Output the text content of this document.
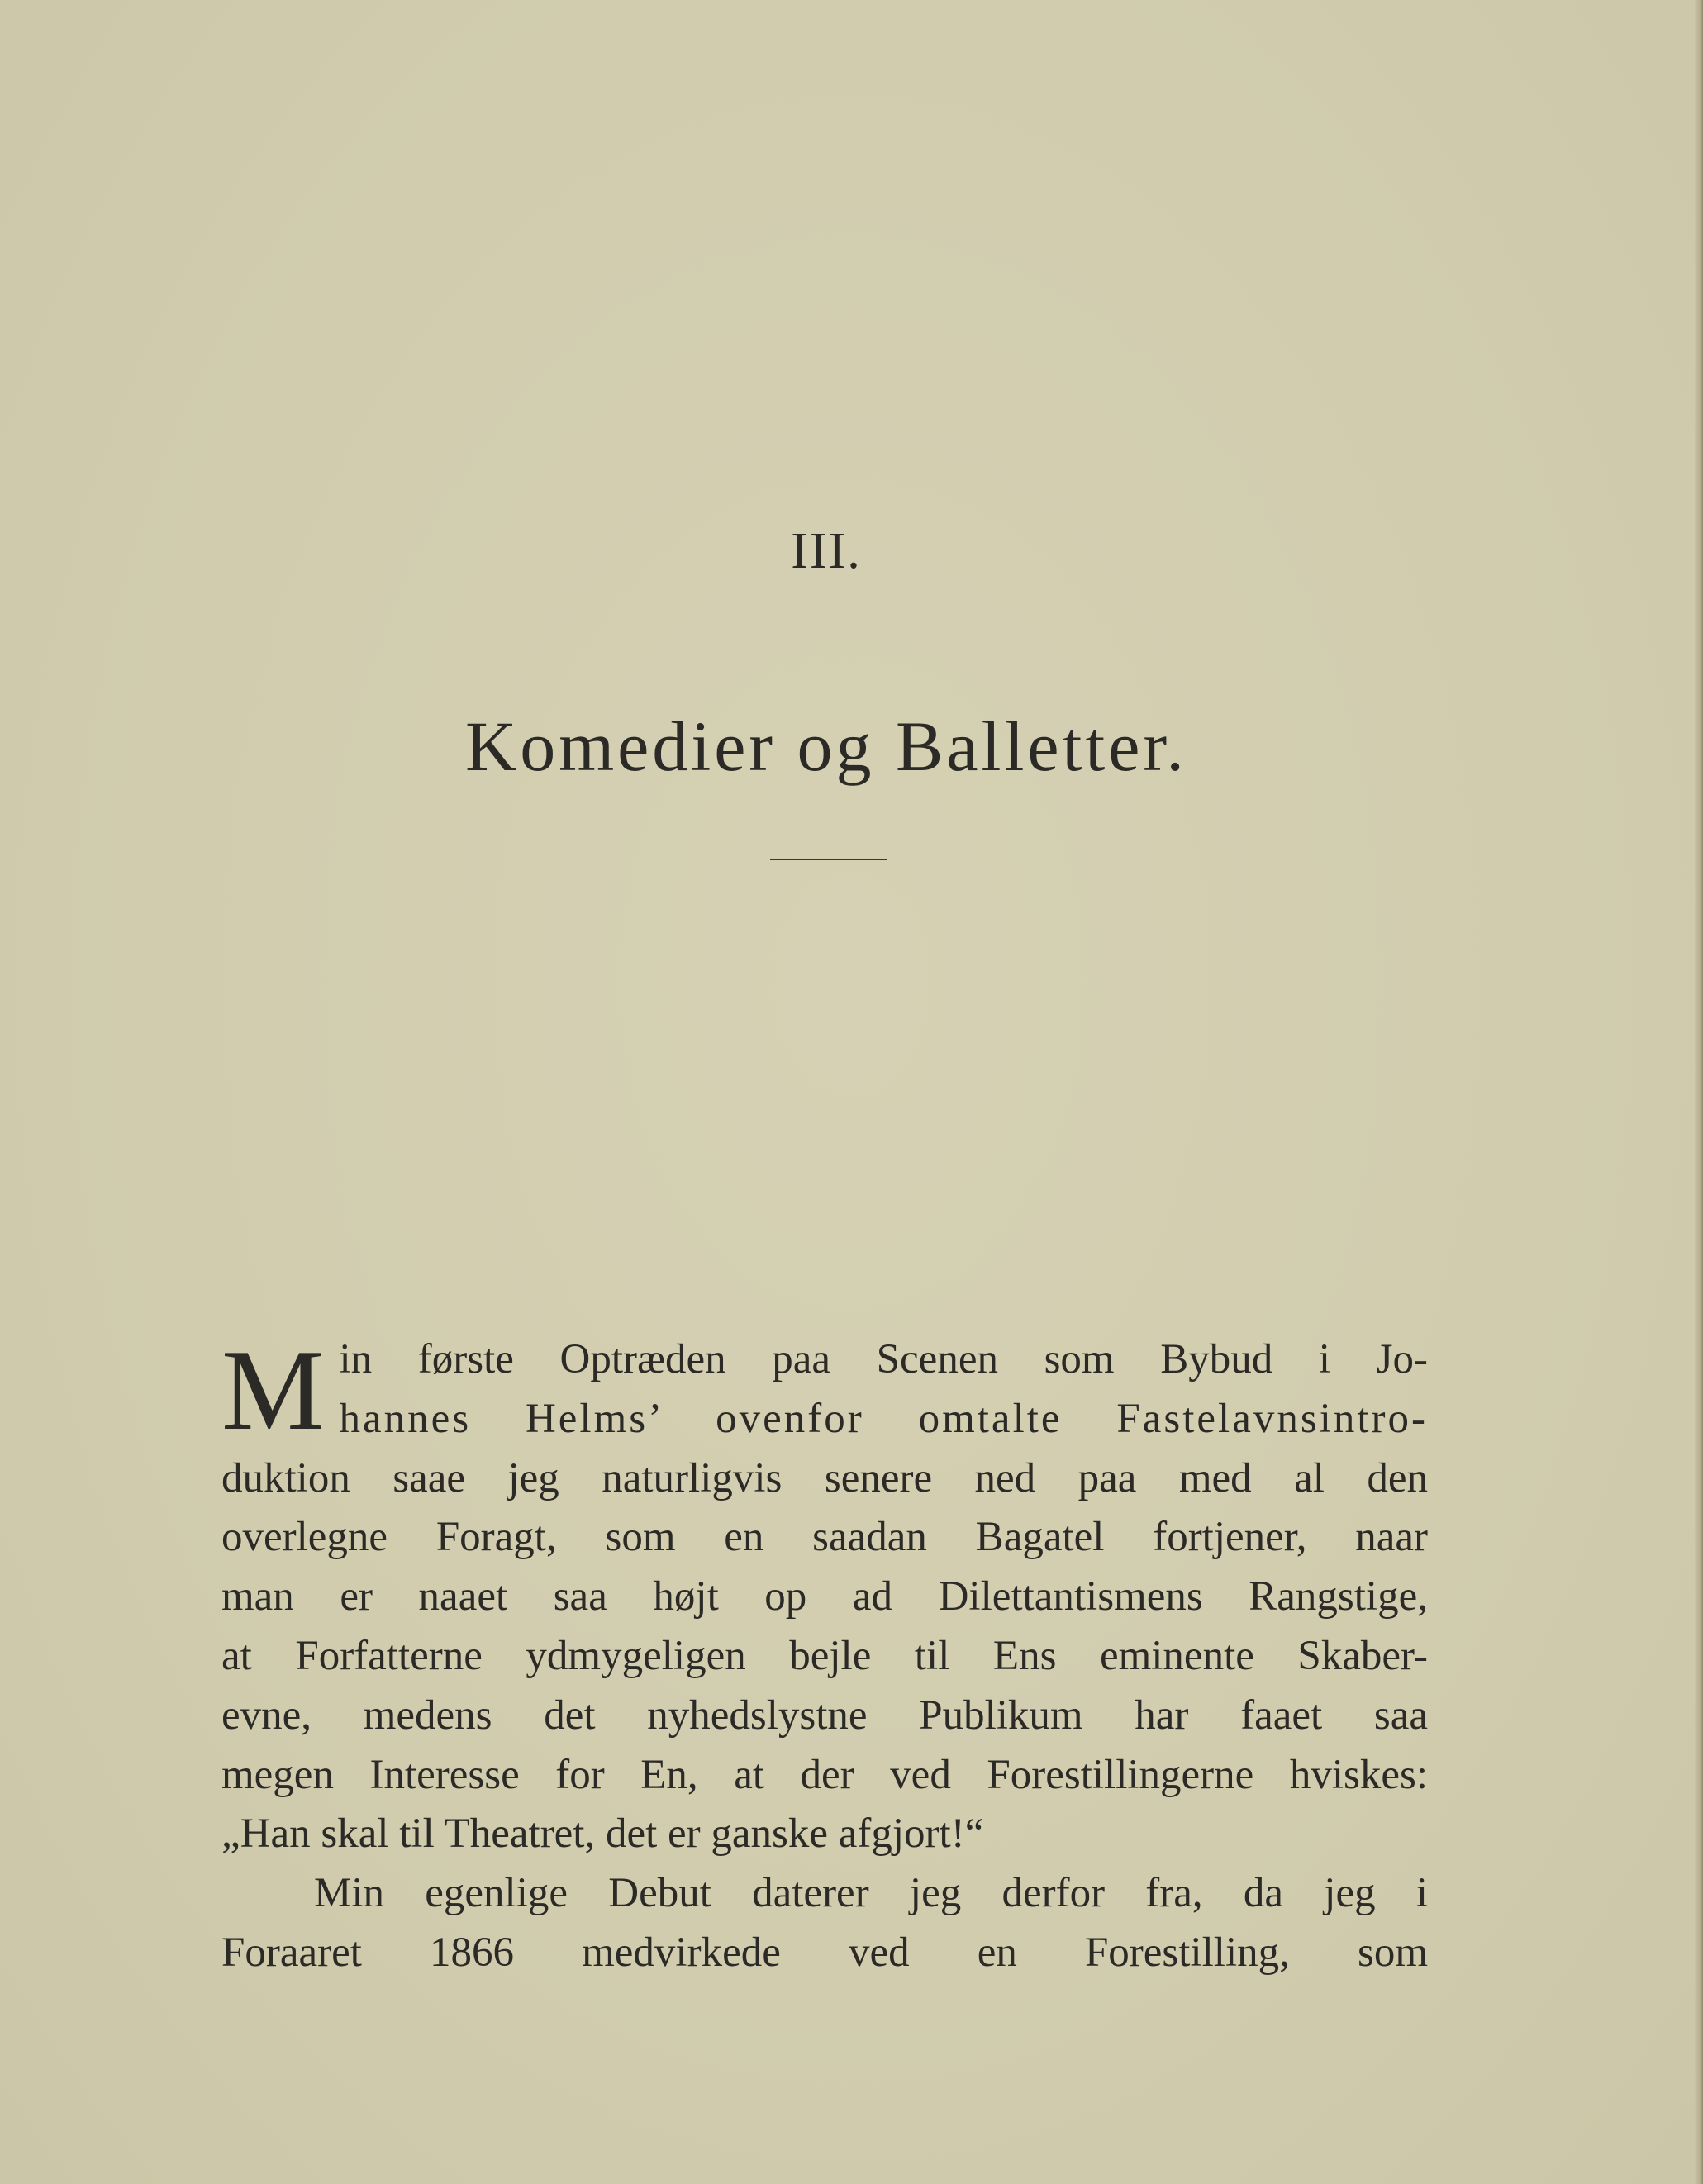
III.
Komedier og Balletter.
M in første Optræden paa Scenen som Bybud i Jo-
hannes Helms’ ovenfor omtalte Fastelavnsintro-
duktion saae jeg naturligvis senere ned paa med al den
overlegne Foragt, som en saadan Bagatel fortjener, naar
man er naaet saa højt op ad Dilettantismens Rangstige,
at Forfatterne ydmygeligen bejle til Ens eminente Skaber-
evne, medens det nyhedslystne Publikum har faaet saa
megen Interesse for En, at der ved Forestillingerne hviskes:
„Han skal til Theatret, det er ganske afgjort!“
Min egenlige Debut daterer jeg derfor fra, da jeg i
Foraaret 1866 medvirkede ved en Forestilling, som
